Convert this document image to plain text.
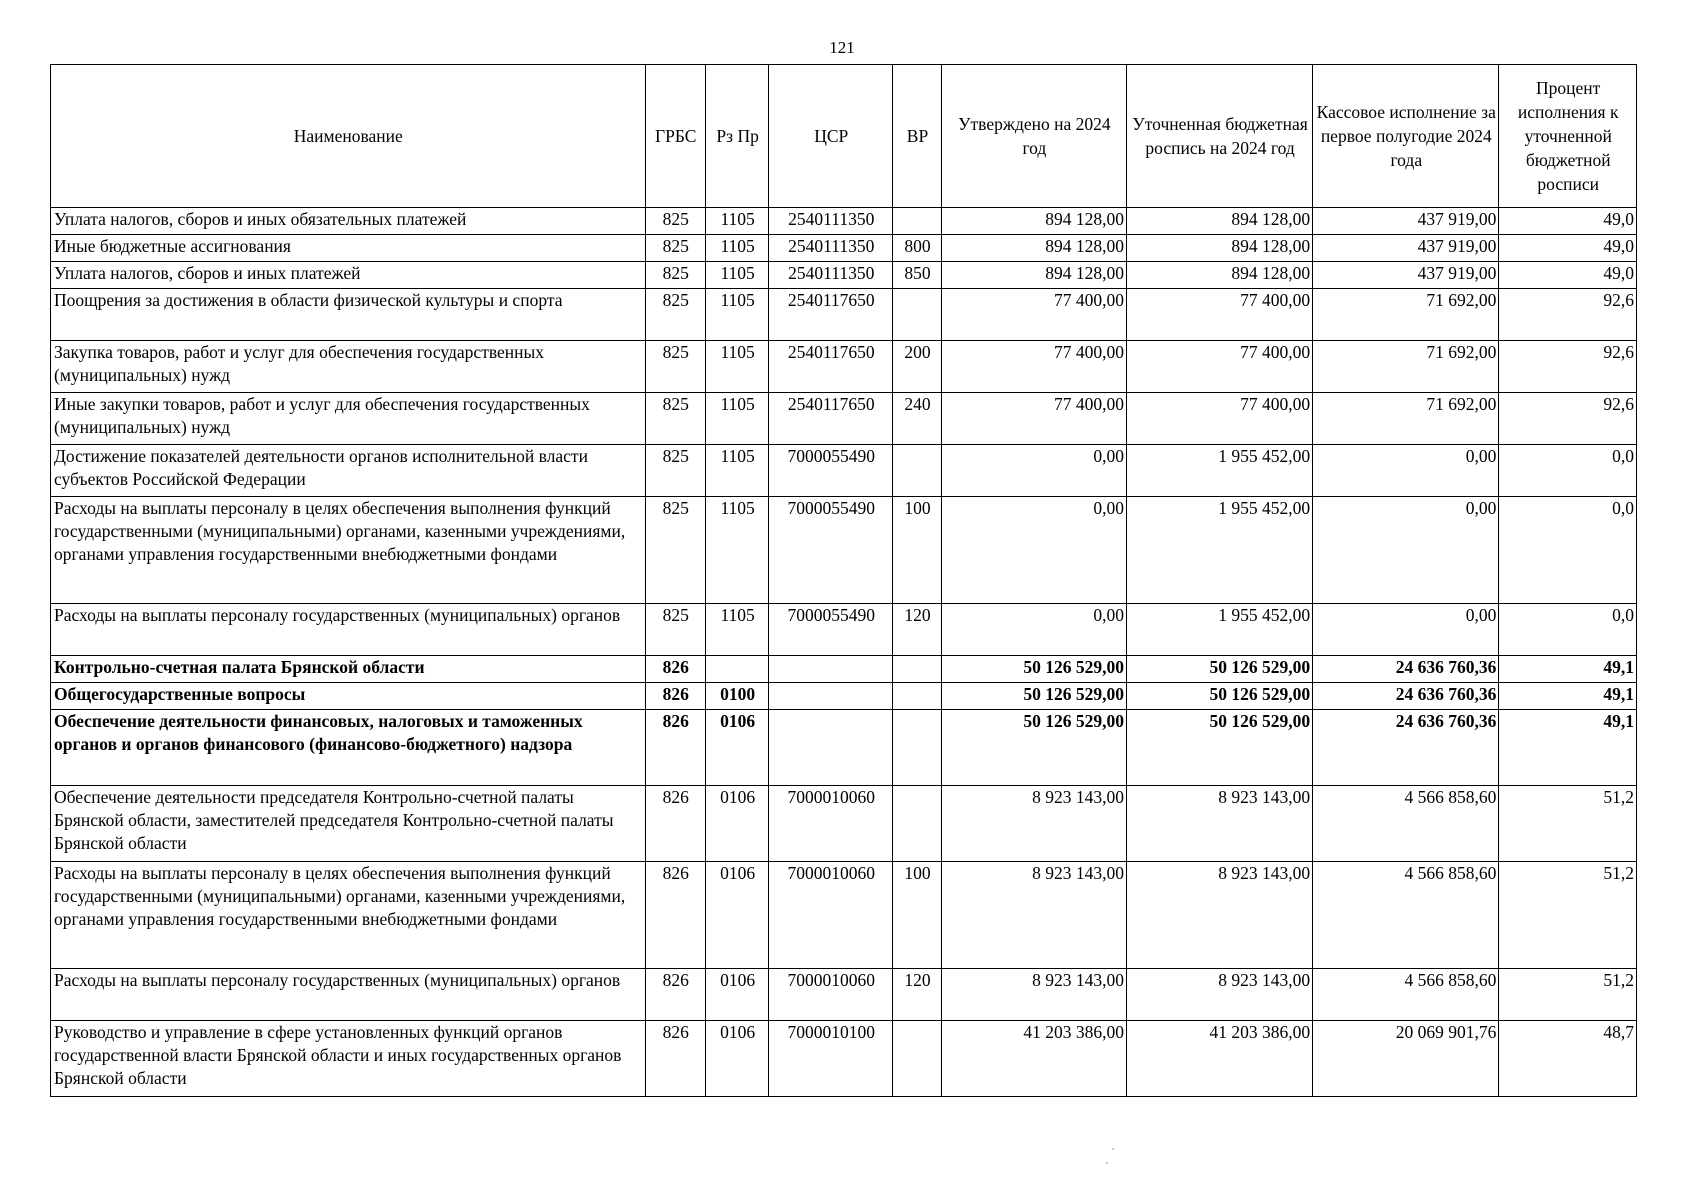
121
Наименование	ГРБС	Рз Пр	ЦСР	ВР	Утверждено на 2024 год	Уточненная бюджетная роспись на 2024 год	Кассовое исполнение за первое полугодие 2024 года	Процент исполнения к уточненной бюджетной росписи
Уплата налогов, сборов и иных обязательных платежей	825	1105	2540111350		894 128,00	894 128,00	437 919,00	49,0
Иные бюджетные ассигнования	825	1105	2540111350	800	894 128,00	894 128,00	437 919,00	49,0
Уплата налогов, сборов и иных платежей	825	1105	2540111350	850	894 128,00	894 128,00	437 919,00	49,0
Поощрения за достижения в области физической культуры и спорта	825	1105	2540117650		77 400,00	77 400,00	71 692,00	92,6
Закупка товаров, работ и услуг для обеспечения государственных (муниципальных) нужд	825	1105	2540117650	200	77 400,00	77 400,00	71 692,00	92,6
Иные закупки товаров, работ и услуг для обеспечения государственных (муниципальных) нужд	825	1105	2540117650	240	77 400,00	77 400,00	71 692,00	92,6
Достижение показателей деятельности органов исполнительной власти субъектов Российской Федерации	825	1105	7000055490		0,00	1 955 452,00	0,00	0,0
Расходы на выплаты персоналу в целях обеспечения выполнения функций государственными (муниципальными) органами, казенными учреждениями, органами управления государственными внебюджетными фондами	825	1105	7000055490	100	0,00	1 955 452,00	0,00	0,0
Расходы на выплаты персоналу государственных (муниципальных) органов	825	1105	7000055490	120	0,00	1 955 452,00	0,00	0,0
Контрольно-счетная палата Брянской области	826				50 126 529,00	50 126 529,00	24 636 760,36	49,1
Общегосударственные вопросы	826	0100			50 126 529,00	50 126 529,00	24 636 760,36	49,1
Обеспечение деятельности финансовых, налоговых и таможенных органов и органов финансового (финансово-бюджетного) надзора	826	0106			50 126 529,00	50 126 529,00	24 636 760,36	49,1
Обеспечение деятельности председателя Контрольно-счетной палаты Брянской области, заместителей председателя Контрольно-счетной палаты Брянской области	826	0106	7000010060		8 923 143,00	8 923 143,00	4 566 858,60	51,2
Расходы на выплаты персоналу в целях обеспечения выполнения функций государственными (муниципальными) органами, казенными учреждениями, органами управления государственными внебюджетными фондами	826	0106	7000010060	100	8 923 143,00	8 923 143,00	4 566 858,60	51,2
Расходы на выплаты персоналу государственных (муниципальных) органов	826	0106	7000010060	120	8 923 143,00	8 923 143,00	4 566 858,60	51,2
Руководство и управление в сфере установленных функций органов государственной власти Брянской области и иных государственных органов Брянской области	826	0106	7000010100		41 203 386,00	41 203 386,00	20 069 901,76	48,7
